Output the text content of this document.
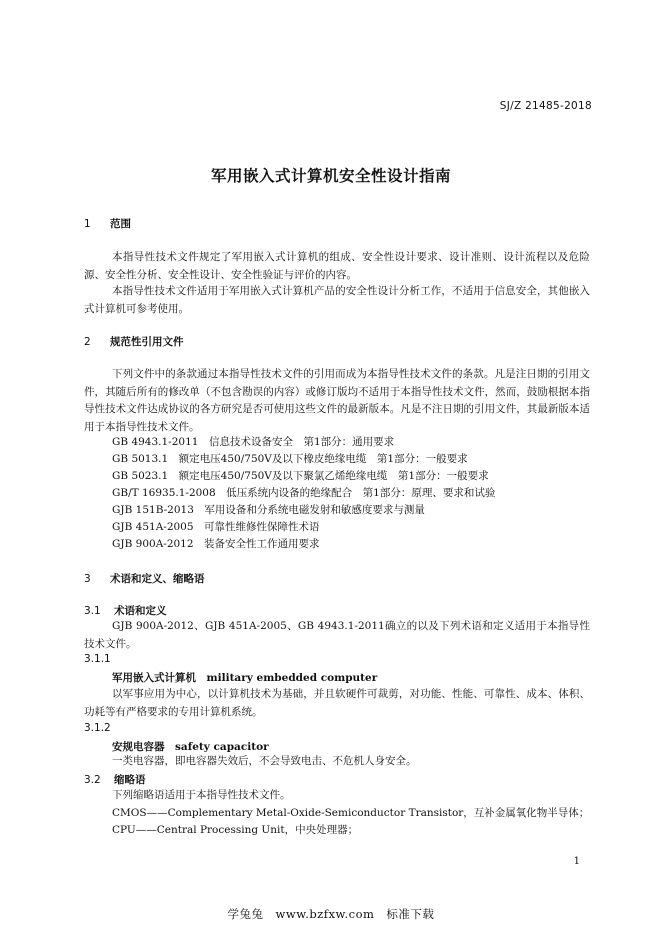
SJ/Z 21485-2018
军用嵌入式计算机安全性设计指南
1 范围
本指导性技术文件规定了军用嵌入式计算机的组成、安全性设计要求、设计准则、设计流程以及危险源、安全性分析、安全性设计、安全性验证与评价的内容。
本指导性技术文件适用于军用嵌入式计算机产品的安全性设计分析工作，不适用于信息安全，其他嵌入式计算机可参考使用。
2 规范性引用文件
下列文件中的条款通过本指导性技术文件的引用而成为本指导性技术文件的条款。凡是注日期的引用文件，其随后所有的修改单（不包含勘误的内容）或修订版均不适用于本指导性技术文件，然而，鼓励根据本指导性技术文件达成协议的各方研究是否可使用这些文件的最新版本。凡是不注日期的引用文件，其最新版本适用于本指导性技术文件。
GB 4943.1-2011　信息技术设备安全　第1部分：通用要求
GB 5013.1　额定电压450/750V及以下橡皮绝缘电缆　第1部分：一般要求
GB 5023.1　额定电压450/750V及以下聚氯乙烯绝缘电缆　第1部分：一般要求
GB/T 16935.1-2008　低压系统内设备的绝缘配合　第1部分：原理、要求和试验
GJB 151B-2013　军用设备和分系统电磁发射和敏感度要求与测量
GJB 451A-2005　可靠性维修性保障性术语
GJB 900A-2012　装备安全性工作通用要求
3 术语和定义、缩略语
3.1 术语和定义
GJB 900A-2012、GJB 451A-2005、GB 4943.1-2011确立的以及下列术语和定义适用于本指导性技术文件。
3.1.1
军用嵌入式计算机　military embedded computer
以军事应用为中心，以计算机技术为基础，并且软硬件可裁剪，对功能、性能、可靠性、成本、体积、功耗等有严格要求的专用计算机系统。
3.1.2
安规电容器　safety capacitor
一类电容器，即电容器失效后，不会导致电击、不危机人身安全。
3.2 缩略语
下列缩略语适用于本指导性技术文件。
CMOS——Complementary Metal-Oxide-Semiconductor Transistor，互补金属氧化物半导体；
CPU——Central Processing Unit，中央处理器；
1
学兔兔　www.bzfxw.com　标准下载
